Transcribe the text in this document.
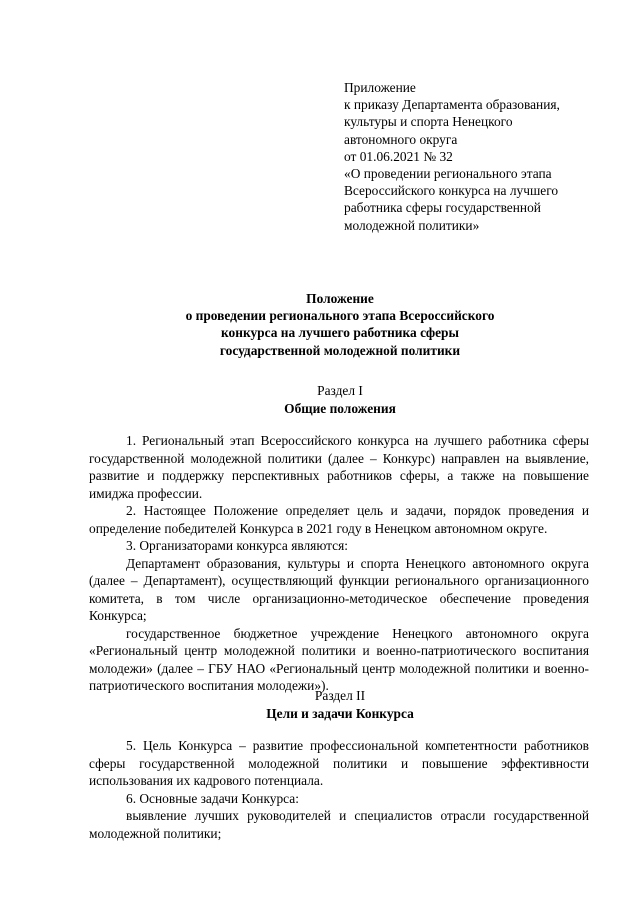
Приложение
к приказу Департамента образования,
культуры и спорта Ненецкого
автономного округа
от 01.06.2021 № 32
«О проведении регионального этапа
Всероссийского конкурса на лучшего
работника сферы государственной
молодежной политики»
Положение
о проведении регионального этапа Всероссийского
конкурса на лучшего работника сферы
государственной молодежной политики
Раздел I
Общие положения

1. Региональный этап Всероссийского конкурса на лучшего работника сферы государственной молодежной политики (далее – Конкурс) направлен на выявление, развитие и поддержку перспективных работников сферы, а также на повышение имиджа профессии.

2. Настоящее Положение определяет цель и задачи, порядок проведения и определение победителей Конкурса в 2021 году в Ненецком автономном округе.

3. Организаторами конкурса являются:

Департамент образования, культуры и спорта Ненецкого автономного округа (далее – Департамент), осуществляющий функции регионального организационного комитета, в том числе организационно-методическое обеспечение проведения Конкурса;

государственное бюджетное учреждение Ненецкого автономного округа «Региональный центр молодежной политики и военно-патриотического воспитания молодежи» (далее – ГБУ НАО «Региональный центр молодежной политики и военно-патриотического воспитания молодежи»).

Раздел II
Цели и задачи Конкурса

5. Цель Конкурса – развитие профессиональной компетентности работников сферы государственной молодежной политики и повышение эффективности использования их кадрового потенциала.

6. Основные задачи Конкурса:

выявление лучших руководителей и специалистов отрасли государственной молодежной политики;
